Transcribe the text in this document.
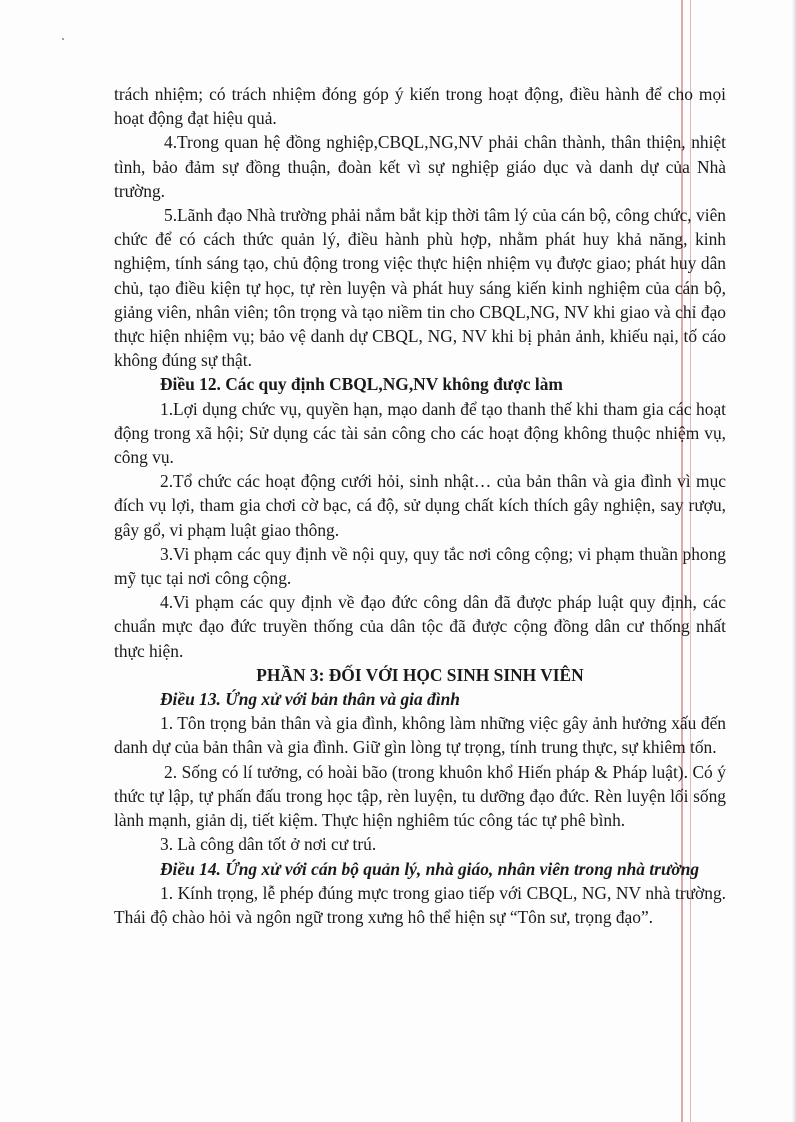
trách nhiệm; có trách nhiệm đóng góp ý kiến trong hoạt động, điều hành để cho mọi hoạt động đạt hiệu quả.

4.Trong quan hệ đồng nghiệp,CBQL,NG,NV phải chân thành, thân thiện, nhiệt tình, bảo đảm sự đồng thuận, đoàn kết vì sự nghiệp giáo dục và danh dự của Nhà trường.

5.Lãnh đạo Nhà trường phải nắm bắt kịp thời tâm lý của cán bộ, công chức, viên chức để có cách thức quản lý, điều hành phù hợp, nhằm phát huy khả năng, kinh nghiệm, tính sáng tạo, chủ động trong việc thực hiện nhiệm vụ được giao; phát huy dân chủ, tạo điều kiện tự học, tự rèn luyện và phát huy sáng kiến kinh nghiệm của cán bộ, giảng viên, nhân viên; tôn trọng và tạo niềm tin cho CBQL,NG, NV khi giao và chỉ đạo thực hiện nhiệm vụ; bảo vệ danh dự CBQL, NG, NV khi bị phản ảnh, khiếu nại, tố cáo không đúng sự thật.

Điều 12. Các quy định CBQL,NG,NV không được làm

1.Lợi dụng chức vụ, quyền hạn, mạo danh để tạo thanh thế khi tham gia các hoạt động trong xã hội; Sử dụng các tài sản công cho các hoạt động không thuộc nhiệm vụ, công vụ.

2.Tổ chức các hoạt động cưới hỏi, sinh nhật… của bản thân và gia đình vì mục đích vụ lợi, tham gia chơi cờ bạc, cá độ, sử dụng chất kích thích gây nghiện, say rượu, gây gổ, vi phạm luật giao thông.

3.Vi phạm các quy định về nội quy, quy tắc nơi công cộng; vi phạm thuần phong mỹ tục tại nơi công cộng.

4.Vi phạm các quy định về đạo đức công dân đã được pháp luật quy định, các chuẩn mực đạo đức truyền thống của dân tộc đã được cộng đồng dân cư thống nhất thực hiện.

PHẦN 3: ĐỐI VỚI HỌC SINH SINH VIÊN

Điều 13. Ứng xử với bản thân và gia đình

1. Tôn trọng bản thân và gia đình, không làm những việc gây ảnh hưởng xấu đến danh dự của bản thân và gia đình. Giữ gìn lòng tự trọng, tính trung thực, sự khiêm tốn.

2. Sống có lí tưởng, có hoài bão (trong khuôn khổ Hiến pháp & Pháp luật). Có ý thức tự lập, tự phấn đấu trong học tập, rèn luyện, tu dưỡng đạo đức. Rèn luyện lối sống lành mạnh, giản dị, tiết kiệm. Thực hiện nghiêm túc công tác tự phê bình.

3. Là công dân tốt ở nơi cư trú.

Điều 14. Ứng xử với cán bộ quản lý, nhà giáo, nhân viên trong nhà trường

1. Kính trọng, lễ phép đúng mực trong giao tiếp với CBQL, NG, NV nhà trường. Thái độ chào hỏi và ngôn ngữ trong xưng hô thể hiện sự “Tôn sư, trọng đạo”.
